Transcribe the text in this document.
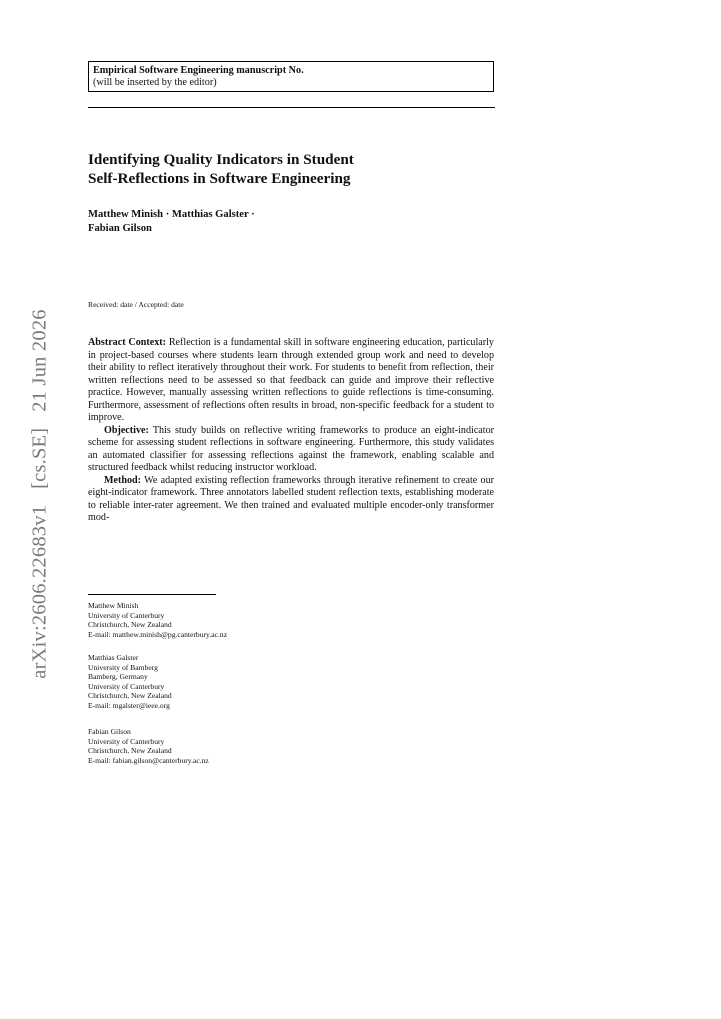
Empirical Software Engineering manuscript No.
(will be inserted by the editor)
Identifying Quality Indicators in Student
Self-Reflections in Software Engineering
Matthew Minish · Matthias Galster ·
Fabian Gilson
Received: date / Accepted: date

Abstract Context: Reflection is a fundamental skill in software engineering education, particularly in project-based courses where students learn through extended group work and need to develop their ability to reflect iteratively throughout their work. For students to benefit from reflection, their written reflections need to be assessed so that feedback can guide and improve their reflective practice. However, manually assessing written reflections to guide reflections is time-consuming. Furthermore, assessment of reflections often results in broad, non-specific feedback for a student to improve.

Objective: This study builds on reflective writing frameworks to produce an eight-indicator scheme for assessing student reflections in software engineering. Furthermore, this study validates an automated classifier for assessing reflections against the framework, enabling scalable and structured feedback whilst reducing instructor workload.

Method: We adapted existing reflection frameworks through iterative refinement to create our eight-indicator framework. Three annotators labelled student reflection texts, establishing moderate to reliable inter-rater agreement. We then trained and evaluated multiple encoder-only transformer mod-

Matthew Minish
University of Canterbury
Christchurch, New Zealand
E-mail: matthew.minish@pg.canterbury.ac.nz
Matthias Galster
University of Bamberg
Bamberg, Germany
University of Canterbury
Christchurch, New Zealand
E-mail: mgalster@ieee.org
Fabian Gilson
University of Canterbury
Christchurch, New Zealand
E-mail: fabian.gilson@canterbury.ac.nz
arXiv:2606.22683v1   [cs.SE]   21 Jun 2026
